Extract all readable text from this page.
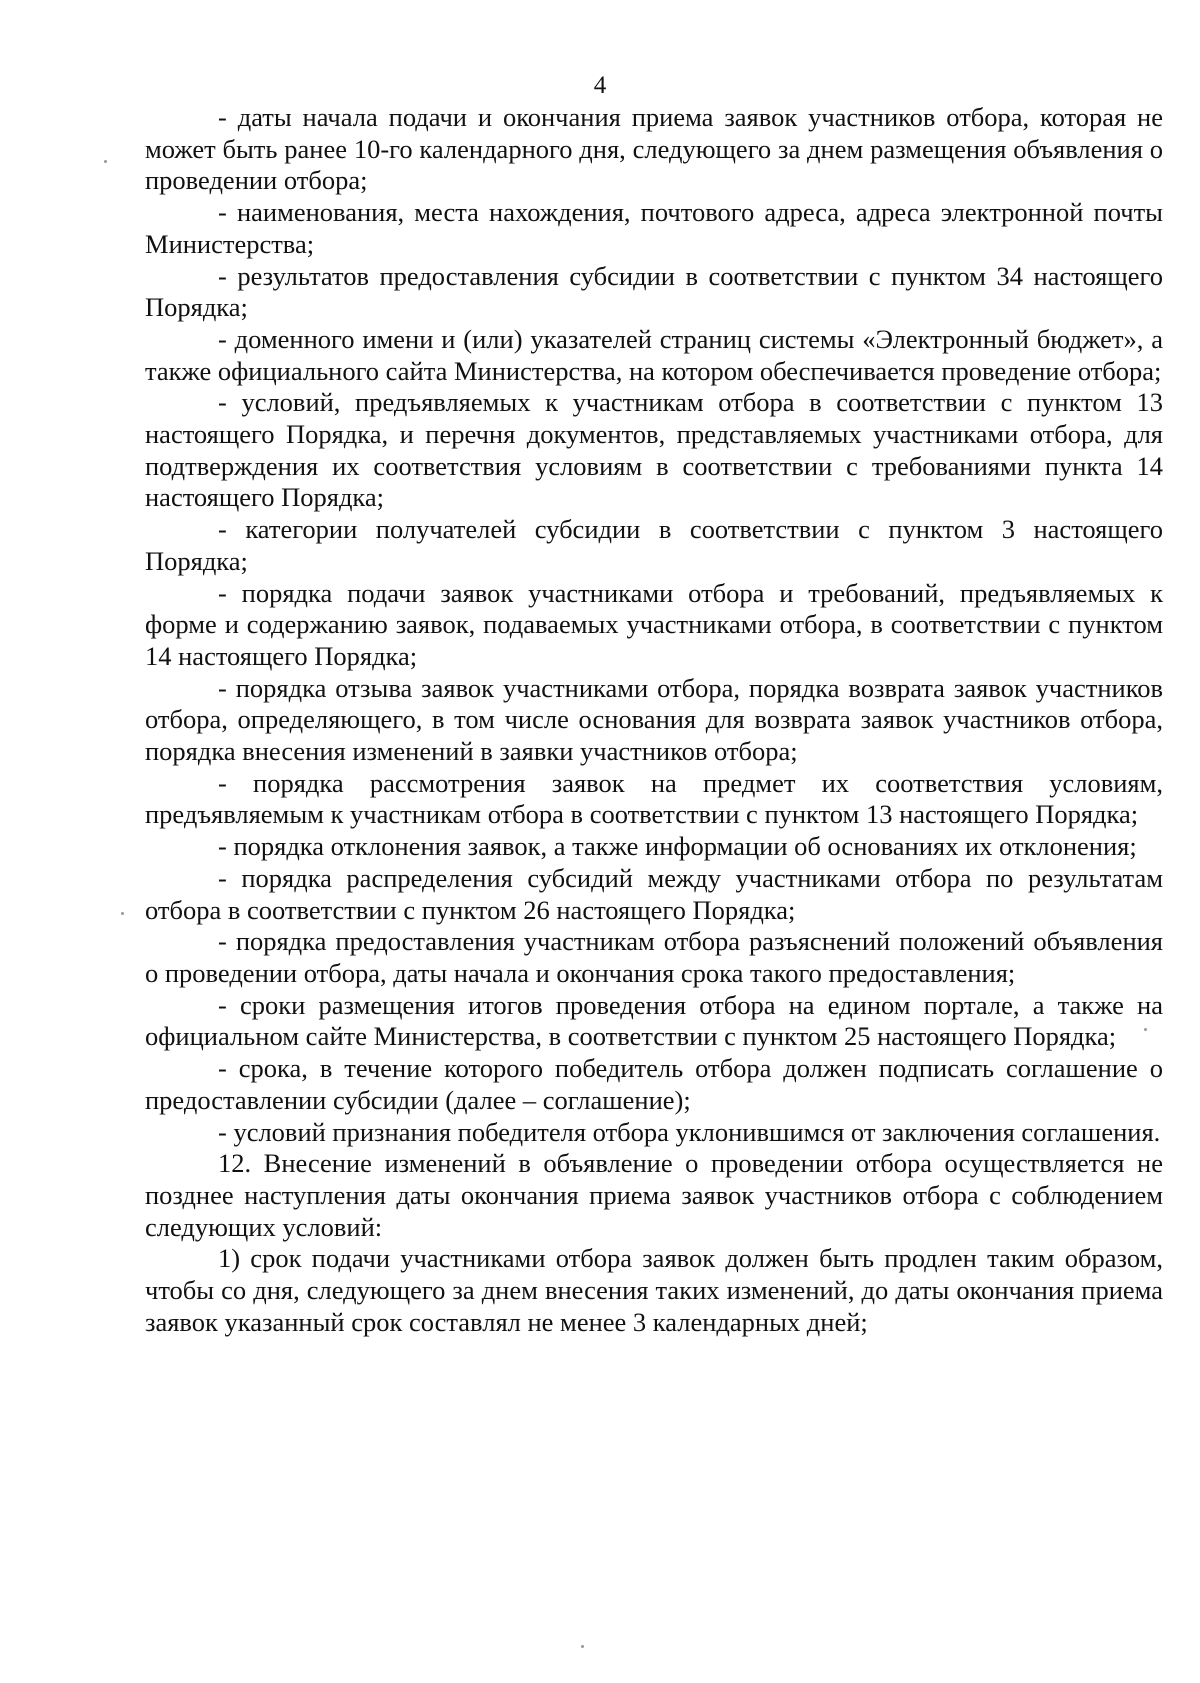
4

- даты начала подачи и окончания приема заявок участников отбора, которая не может быть ранее 10-го календарного дня, следующего за днем размещения объявления о проведении отбора;

- наименования, места нахождения, почтового адреса, адреса электронной почты Министерства;

- результатов предоставления субсидии в соответствии с пунктом 34 настоящего Порядка;

- доменного имени и (или) указателей страниц системы «Электронный бюджет», а также официального сайта Министерства, на котором обеспечивается проведение отбора;

- условий, предъявляемых к участникам отбора в соответствии с пунктом 13 настоящего Порядка, и перечня документов, представляемых участниками отбора, для подтверждения их соответствия условиям в соответствии с требованиями пункта 14 настоящего Порядка;

- категории получателей субсидии в соответствии с пунктом 3 настоящего Порядка;

- порядка подачи заявок участниками отбора и требований, предъявляемых к форме и содержанию заявок, подаваемых участниками отбора, в соответствии с пунктом 14 настоящего Порядка;

- порядка отзыва заявок участниками отбора, порядка возврата заявок участников отбора, определяющего, в том числе основания для возврата заявок участников отбора, порядка внесения изменений в заявки участников отбора;

- порядка рассмотрения заявок на предмет их соответствия условиям, предъявляемым к участникам отбора в соответствии с пунктом 13 настоящего Порядка;

- порядка отклонения заявок, а также информации об основаниях их отклонения;

- порядка распределения субсидий между участниками отбора по результатам отбора в соответствии с пунктом 26 настоящего Порядка;

- порядка предоставления участникам отбора разъяснений положений объявления о проведении отбора, даты начала и окончания срока такого предоставления;

- сроки размещения итогов проведения отбора на едином портале, а также на официальном сайте Министерства, в соответствии с пунктом 25 настоящего Порядка;

- срока, в течение которого победитель отбора должен подписать соглашение о предоставлении субсидии (далее – соглашение);

- условий признания победителя отбора уклонившимся от заключения соглашения.

12. Внесение изменений в объявление о проведении отбора осуществляется не позднее наступления даты окончания приема заявок участников отбора с соблюдением следующих условий:

1) срок подачи участниками отбора заявок должен быть продлен таким образом, чтобы со дня, следующего за днем внесения таких изменений, до даты окончания приема заявок указанный срок составлял не менее 3 календарных дней;
